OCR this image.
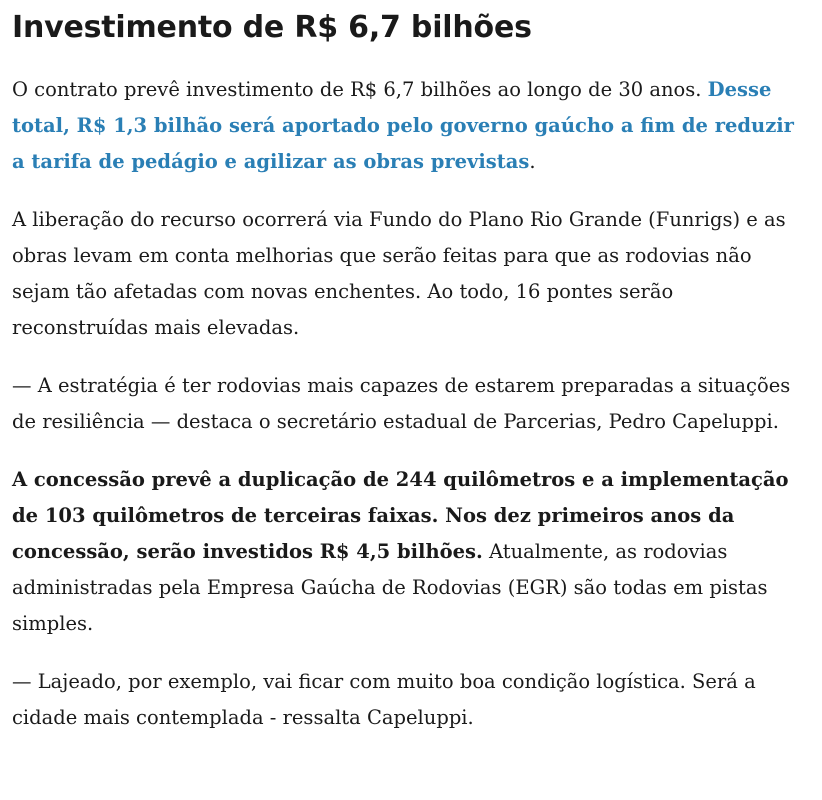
Investimento de R$ 6,7 bilhões

O contrato prevê investimento de R$ 6,7 bilhões ao longo de 30 anos. Desse total, R$ 1,3 bilhão será aportado pelo governo gaúcho a fim de reduzir a tarifa de pedágio e agilizar as obras previstas.

A liberação do recurso ocorrerá via Fundo do Plano Rio Grande (Funrigs) e as obras levam em conta melhorias que serão feitas para que as rodovias não sejam tão afetadas com novas enchentes. Ao todo, 16 pontes serão reconstruídas mais elevadas.

— A estratégia é ter rodovias mais capazes de estarem preparadas a situações de resiliência — destaca o secretário estadual de Parcerias, Pedro Capeluppi.

A concessão prevê a duplicação de 244 quilômetros e a implementação de 103 quilômetros de terceiras faixas. Nos dez primeiros anos da concessão, serão investidos R$ 4,5 bilhões. Atualmente, as rodovias administradas pela Empresa Gaúcha de Rodovias (EGR) são todas em pistas simples.

— Lajeado, por exemplo, vai ficar com muito boa condição logística. Será a cidade mais contemplada - ressalta Capeluppi.
